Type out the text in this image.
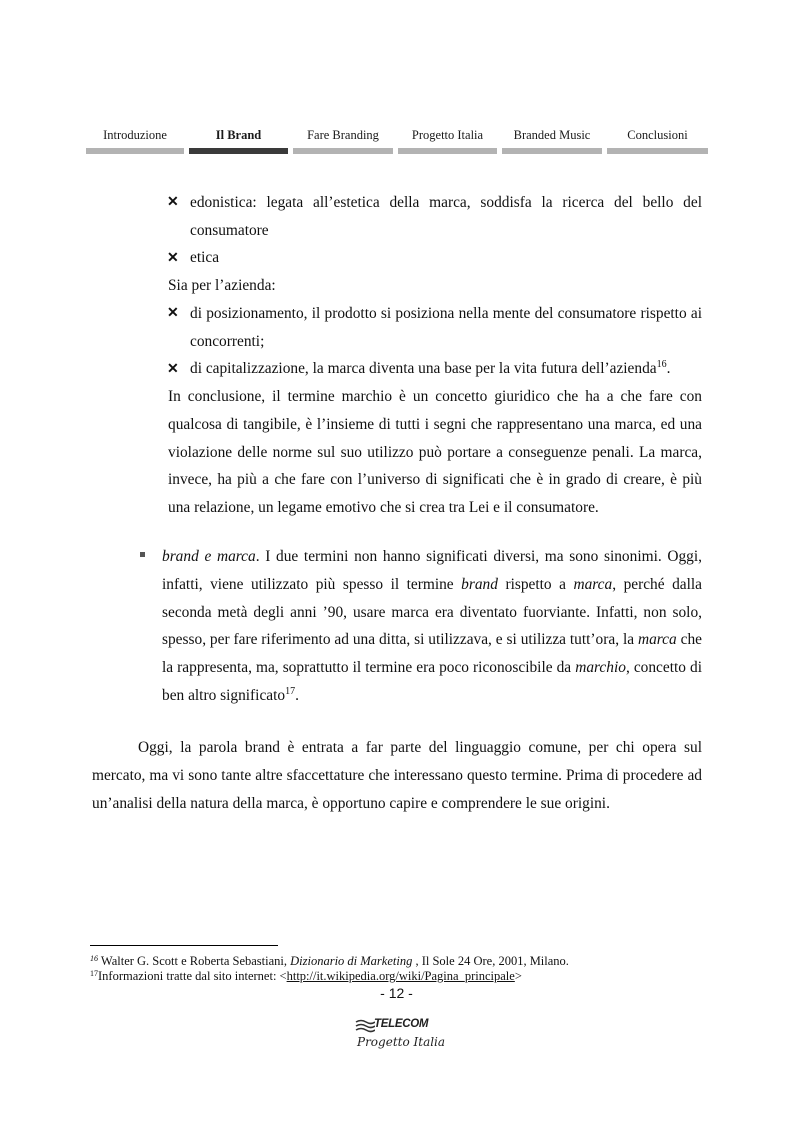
Introduzione	Il Brand	Fare Branding	Progetto Italia	Branded Music	Conclusioni
✕ edonistica: legata all’estetica della marca, soddisfa la ricerca del bello del consumatore

✕ etica

Sia per l’azienda:

✕ di posizionamento, il prodotto si posiziona nella mente del consumatore rispetto ai concorrenti;

✕ di capitalizzazione, la marca diventa una base per la vita futura dell’azienda$^{16}$.

In conclusione, il termine marchio è un concetto giuridico che ha a che fare con qualcosa di tangibile, è l’insieme di tutti i segni che rappresentano una marca, ed una violazione delle norme sul suo utilizzo può portare a conseguenze penali. La marca, invece, ha più a che fare con l’universo di significati che è in grado di creare, è più una relazione, un legame emotivo che si crea tra Lei e il consumatore.

brand e marca. I due termini non hanno significati diversi, ma sono sinonimi. Oggi, infatti, viene utilizzato più spesso il termine brand rispetto a marca, perché dalla seconda metà degli anni ’90, usare marca era diventato fuorviante. Infatti, non solo, spesso, per fare riferimento ad una ditta, si utilizzava, e si utilizza tutt’ora, la marca che la rappresenta, ma, soprattutto il termine era poco riconoscibile da marchio, concetto di ben altro significato$^{17}$.

Oggi, la parola brand è entrata a far parte del linguaggio comune, per chi opera sul mercato, ma vi sono tante altre sfaccettature che interessano questo termine. Prima di procedere ad un’analisi della natura della marca, è opportuno capire e comprendere le sue origini.

$^{16}$ Walter G. Scott e Roberta Sebastiani, Dizionario di Marketing , Il Sole 24 Ore, 2001, Milano.
$^{17}$Informazioni tratte dal sito internet: <http://it.wikipedia.org/wiki/Pagina_principale>
- 12 -
TELECOM
Progetto Italia
